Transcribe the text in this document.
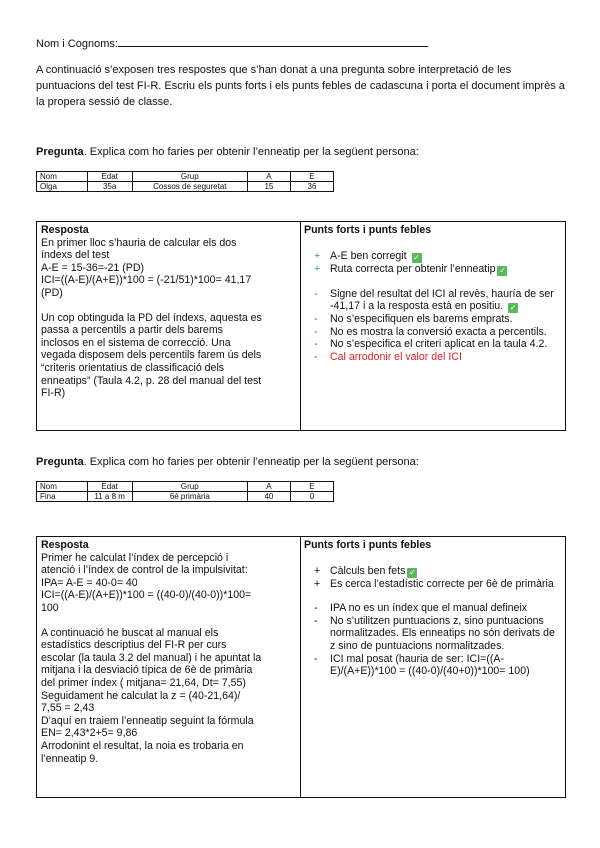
Nom i Cognoms:
A continuació s’exposen tres respostes que s’han donat a una pregunta sobre interpretació de les puntuacions del test FI-R. Escriu els punts forts i els punts febles de cadascuna i porta el document imprès a la propera sessió de classe.
Pregunta. Explica com ho faries per obtenir l’enneatip per la següent persona:
Nom	Edat	Grup	A	E
Olga	35a	Cossos de seguretat	15	36
Resposta

En primer lloc s’hauria de calcular els dos

índexs del test

A-E = 15-36=-21 (PD)

ICI=((A-E)/(A+E))*100 = (-21/51)*100= 41,17

(PD)

Un cop obtinguda la PD del índexs, aquesta es

passa a percentils a partir dels barems

inclosos en el sistema de correcció. Una

vegada disposem dels percentils farem ús dels

“criteris orientatius de classificació dels

enneatips” (Taula 4.2, p. 28 del manual del test

FI-R)

Punts forts i punts febles
+ A-E ben corregit ✓
+ Ruta correcta per obtenir l’enneatip ✓
- Signe del resultat del ICI al revès, hauría de ser -41,17 i a la resposta està en positiu. ✓
- No s’especifiquen els barems emprats.
- No es mostra la conversió exacta a percentils.
- No s’especifica el criteri aplicat en la taula 4.2.
- Cal arrodonir el valor del ICI
Pregunta. Explica com ho faries per obtenir l’enneatip per la següent persona:
Nom	Edat	Grup	A	E
Fina	11 a 8 m	6è primària	40	0
Resposta

Primer he calculat l’índex de percepció i

atenció i l’índex de control de la impulsivitat:

IPA= A-E = 40-0= 40

ICI=((A-E)/(A+E))*100 = ((40-0)/(40-0))*100=

100

A continuació he buscat al manual els

estadístics descriptius del FI-R per curs

escolar (la taula 3.2 del manual) i he apuntat la

mitjana i la desviació típica de 6è de primària

del primer índex ( mitjana= 21,64, Dt= 7,55)

Seguidament he calculat la z = (40-21,64)/

7,55 = 2,43

D’aquí en traiem l’enneatip seguint la fórmula

EN= 2,43*2+5= 9,86

Arrodonint el resultat, la noia es trobaria en

l’enneatip 9.

Punts forts i punts febles
+ Càlculs ben fets ✓
+ Es cerca l’estadístic correcte per 6è de primària
- IPA no es un índex que el manual defineix
- No s’utilitzen puntuacions z, sino puntuacions normalitzades. Els enneatips no són derivats de z sino de puntuacions normalitzades.
- ICI mal posat (hauria de ser: ICI=((A-E)/(A+E))*100 = ((40-0)/(40+0))*100= 100)
